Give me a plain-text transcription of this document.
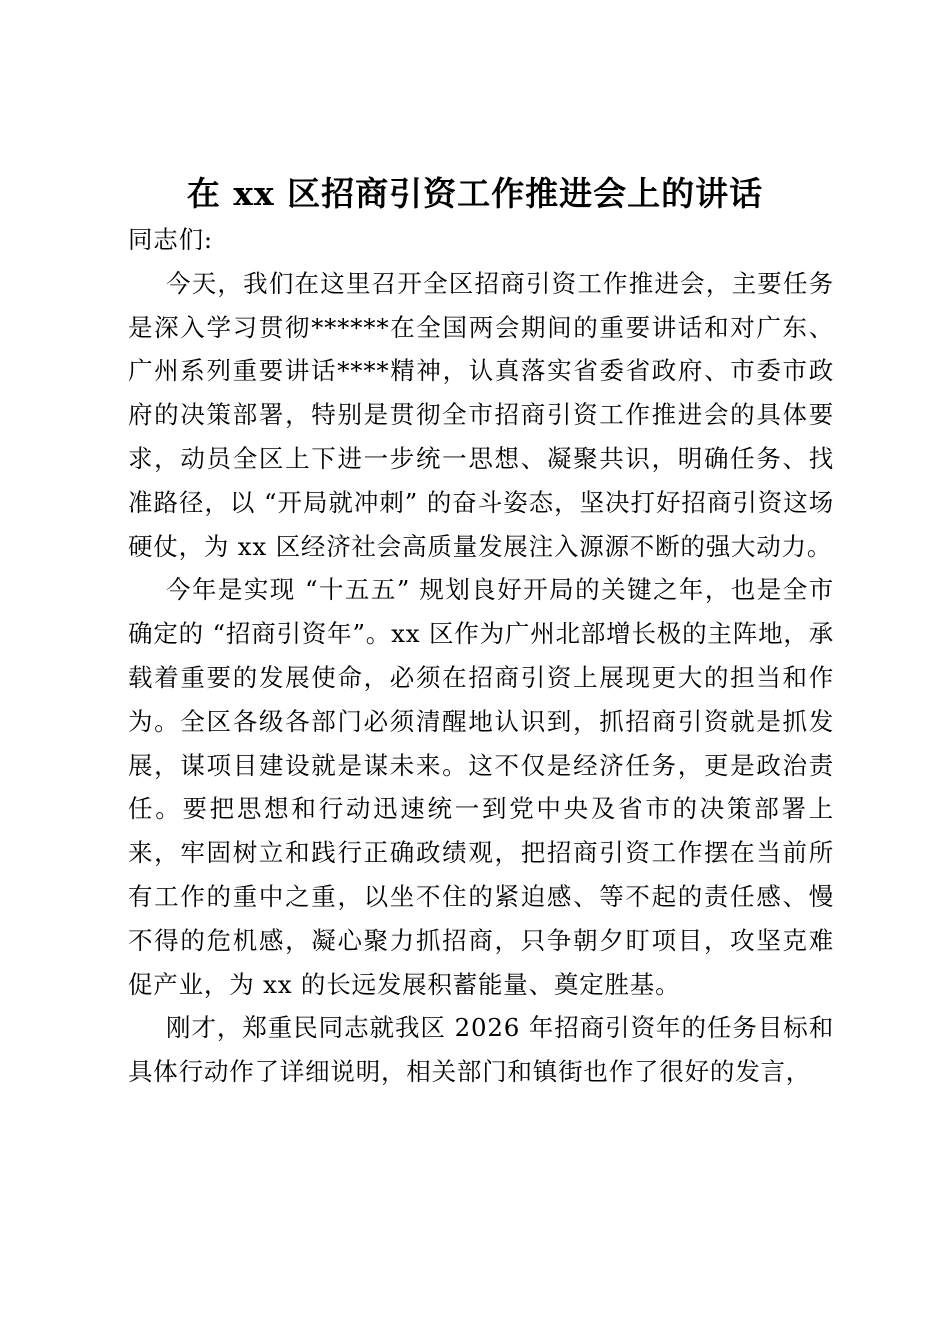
在 xx 区招商引资工作推进会上的讲话

同志们:

今天，我们在这里召开全区招商引资工作推进会，主要任务是深入学习贯彻******在全国两会期间的重要讲话和对广东、广州系列重要讲话****精神，认真落实省委省政府、市委市政府的决策部署，特别是贯彻全市招商引资工作推进会的具体要求，动员全区上下进一步统一思想、凝聚共识，明确任务、找准路径，以 “开局就冲刺” 的奋斗姿态，坚决打好招商引资这场硬仗，为 xx 区经济社会高质量发展注入源源不断的强大动力。

今年是实现 “十五五” 规划良好开局的关键之年，也是全市确定的 “招商引资年”。xx 区作为广州北部增长极的主阵地，承载着重要的发展使命，必须在招商引资上展现更大的担当和作为。全区各级各部门必须清醒地认识到，抓招商引资就是抓发展，谋项目建设就是谋未来。这不仅是经济任务，更是政治责任。要把思想和行动迅速统一到党中央及省市的决策部署上来，牢固树立和践行正确政绩观，把招商引资工作摆在当前所有工作的重中之重，以坐不住的紧迫感、等不起的责任感、慢不得的危机感，凝心聚力抓招商，只争朝夕盯项目，攻坚克难促产业，为 xx 的长远发展积蓄能量、奠定胜基。

刚才，郑重民同志就我区 2026 年招商引资年的任务目标和具体行动作了详细说明，相关部门和镇街也作了很好的发言，
